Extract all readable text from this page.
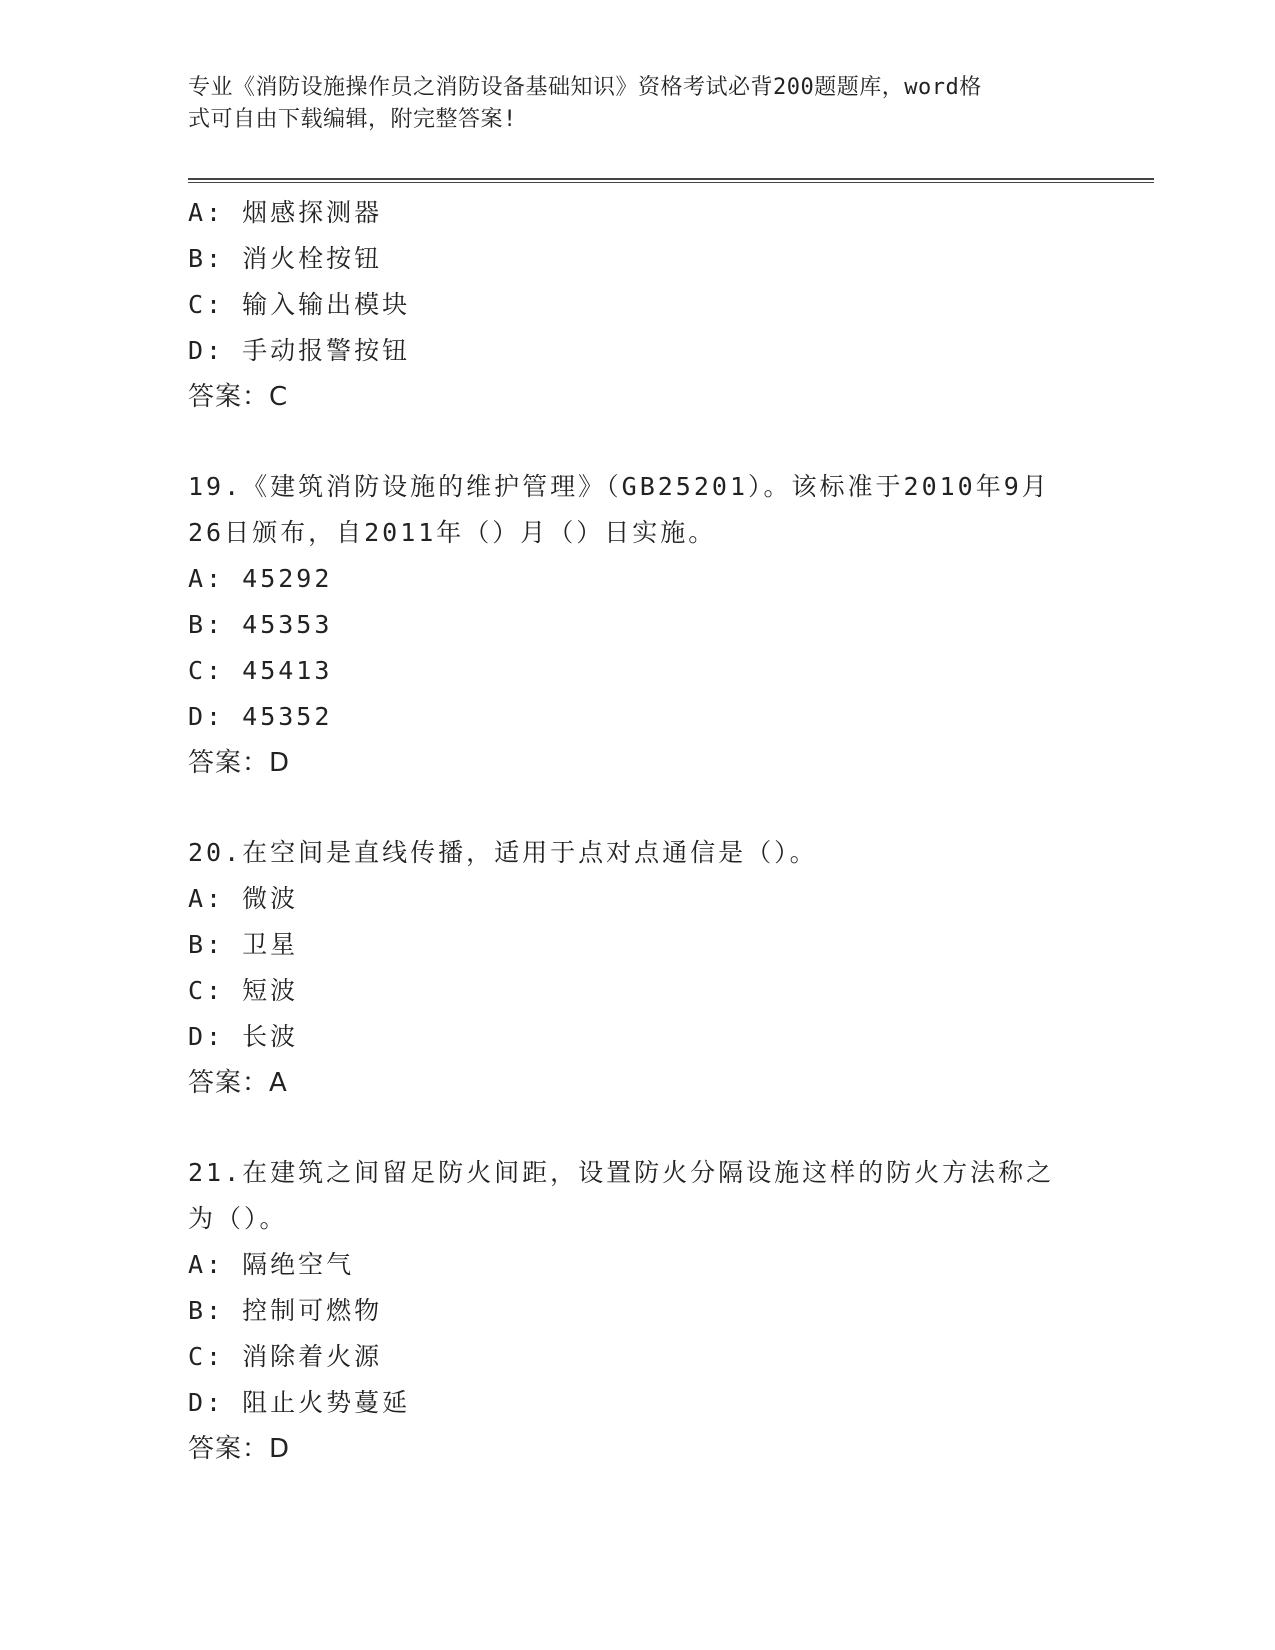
专业《消防设施操作员之消防设备基础知识》资格考试必背200题题库，word格
式可自由下载编辑，附完整答案!
A: 烟感探测器
B: 消火栓按钮
C: 输入输出模块
D: 手动报警按钮
答案：C
19.《建筑消防设施的维护管理》（GB25201）。该标准于2010年9月
26日颁布，自2011年（）月（）日实施。
A: 45292
B: 45353
C: 45413
D: 45352
答案：D
20.在空间是直线传播，适用于点对点通信是（）。
A: 微波
B: 卫星
C: 短波
D: 长波
答案：A
21.在建筑之间留足防火间距，设置防火分隔设施这样的防火方法称之
为（）。
A: 隔绝空气
B: 控制可燃物
C: 消除着火源
D: 阻止火势蔓延
答案：D
